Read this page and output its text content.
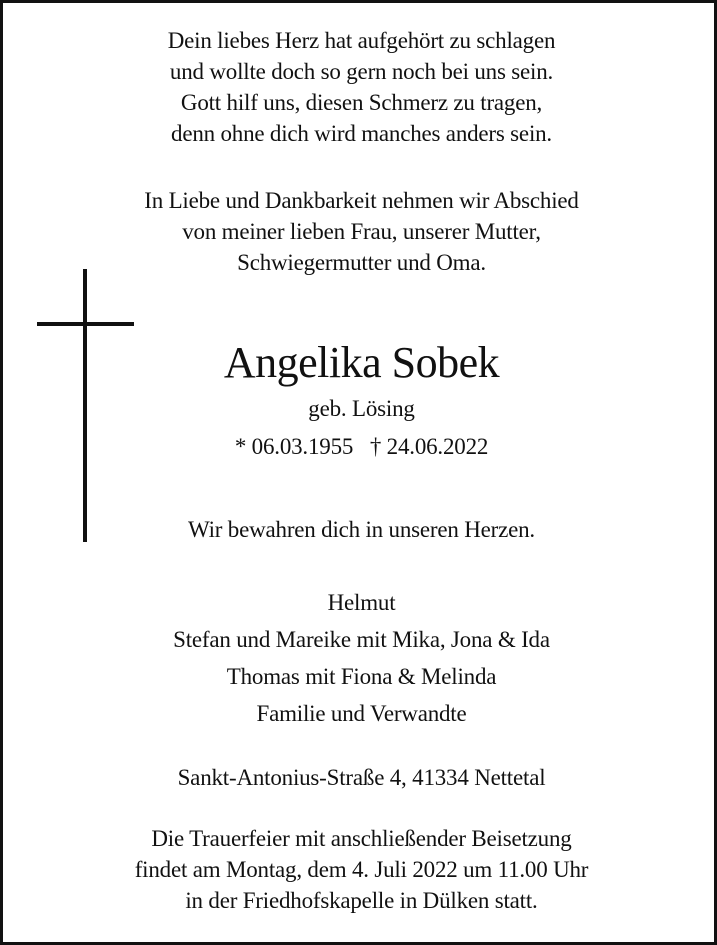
Dein liebes Herz hat aufgehört zu schlagen
und wollte doch so gern noch bei uns sein.
Gott hilf uns, diesen Schmerz zu tragen,
denn ohne dich wird manches anders sein.
In Liebe und Dankbarkeit nehmen wir Abschied
von meiner lieben Frau, unserer Mutter,
Schwiegermutter und Oma.
Angelika Sobek
geb. Lösing
* 06.03.1955   † 24.06.2022
Wir bewahren dich in unseren Herzen.
Helmut
Stefan und Mareike mit Mika, Jona & Ida
Thomas mit Fiona & Melinda
Familie und Verwandte
Sankt-Antonius-Straße 4, 41334 Nettetal
Die Trauerfeier mit anschließender Beisetzung
findet am Montag, dem 4. Juli 2022 um 11.00 Uhr
in der Friedhofskapelle in Dülken statt.
